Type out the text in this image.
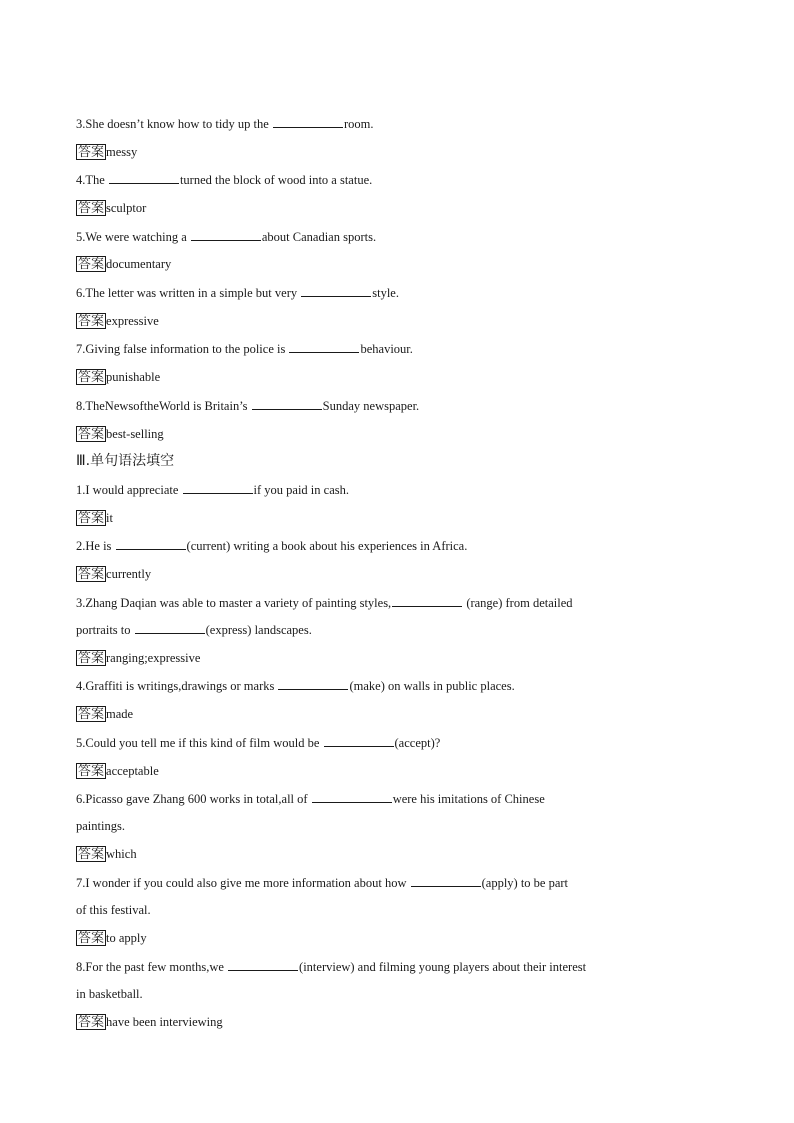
3.She doesn’t know how to tidy up the	room.
答案 messy
4.The	turned the block of wood into a statue.
答案 sculptor
5.We were watching a	about Canadian sports.
答案 documentary
6.The letter was written in a simple but very	style.
答案 expressive
7.Giving false information to the police is	behaviour.
答案 punishable
8.TheNewsoftheWorld is Britain’s	Sunday newspaper.
答案 best-selling
Ⅲ.单句语法填空
1.I would appreciate	if you paid in cash.
答案 it
2.He is	(current) writing a book about his experiences in Africa.
答案 currently
3.Zhang Daqian was able to master a variety of painting styles,	(range) from detailed
portraits to	(express) landscapes.
答案 ranging;expressive
4.Graffiti is writings,drawings or marks	(make) on walls in public places.
答案 made
5.Could you tell me if this kind of film would be	(accept)?
答案 acceptable
6.Picasso gave Zhang 600 works in total,all of	were his imitations of Chinese
paintings.
答案 which
7.I wonder if you could also give me more information about how	(apply) to be part
of this festival.
答案 to apply
8.For the past few months,we	(interview) and filming young players about their interest
in basketball.
答案 have been interviewing
